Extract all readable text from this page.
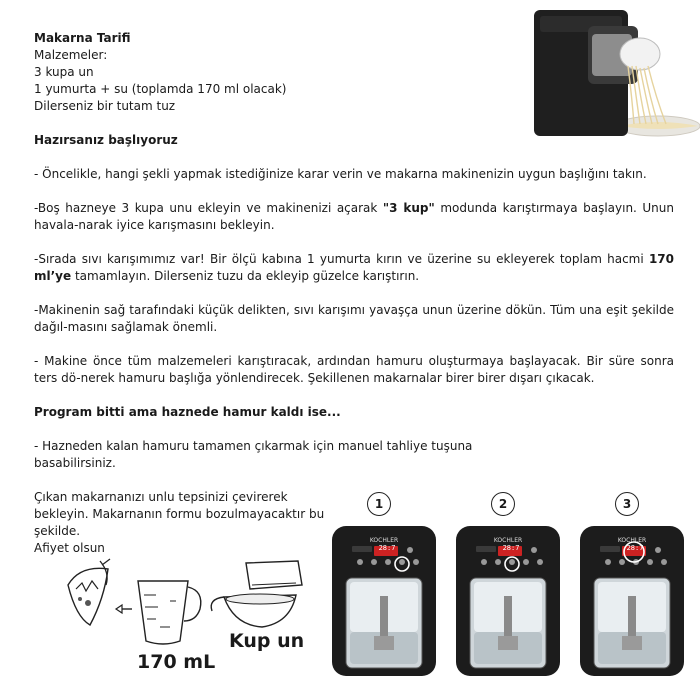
Makarna Tarifi
Malzemeler:
3 kupa un
1 yumurta + su (toplamda 170 ml olacak)
Dilerseniz bir tutam tuz
Hazırsanız başlıyoruz
- Öncelikle, hangi şekli yapmak istediğinize karar verin ve makarna makinenizin uygun başlığını takın.
-Boş hazneye 3 kupa unu ekleyin ve makinenizi açarak "3 kup" modunda karıştırmaya başlayın. Unun havala-narak iyice karışmasını bekleyin.
-Sırada sıvı karışımımız var! Bir ölçü kabına 1 yumurta kırın ve üzerine su ekleyerek toplam hacmi 170 ml’ye tamamlayın. Dilerseniz tuzu da ekleyip güzelce karıştırın.
-Makinenin sağ tarafındaki küçük delikten, sıvı karışımı yavaşça unun üzerine dökün. Tüm una eşit şekilde dağıl-masını sağlamak önemli.
- Makine önce tüm malzemeleri karıştıracak, ardından hamuru oluşturmaya başlayacak. Bir süre sonra ters dö-nerek hamuru başlığa yönlendirecek. Şekillenen makarnalar birer birer dışarı çıkacak.
Program bitti ama haznede hamur kaldı ise...
- Hazneden kalan hamuru tamamen çıkarmak için manuel tahliye tuşuna basabilirsiniz.
Çıkan makarnanızı unlu tepsinizi çevirerek bekleyin. Makarnanın formu bozulmayacaktır bu şekilde.
Afiyet olsun
170 mL
Kup un
1	2	3
KOCHLER	KOCHLER	KOCHLER
28:7	28:7	28:7
